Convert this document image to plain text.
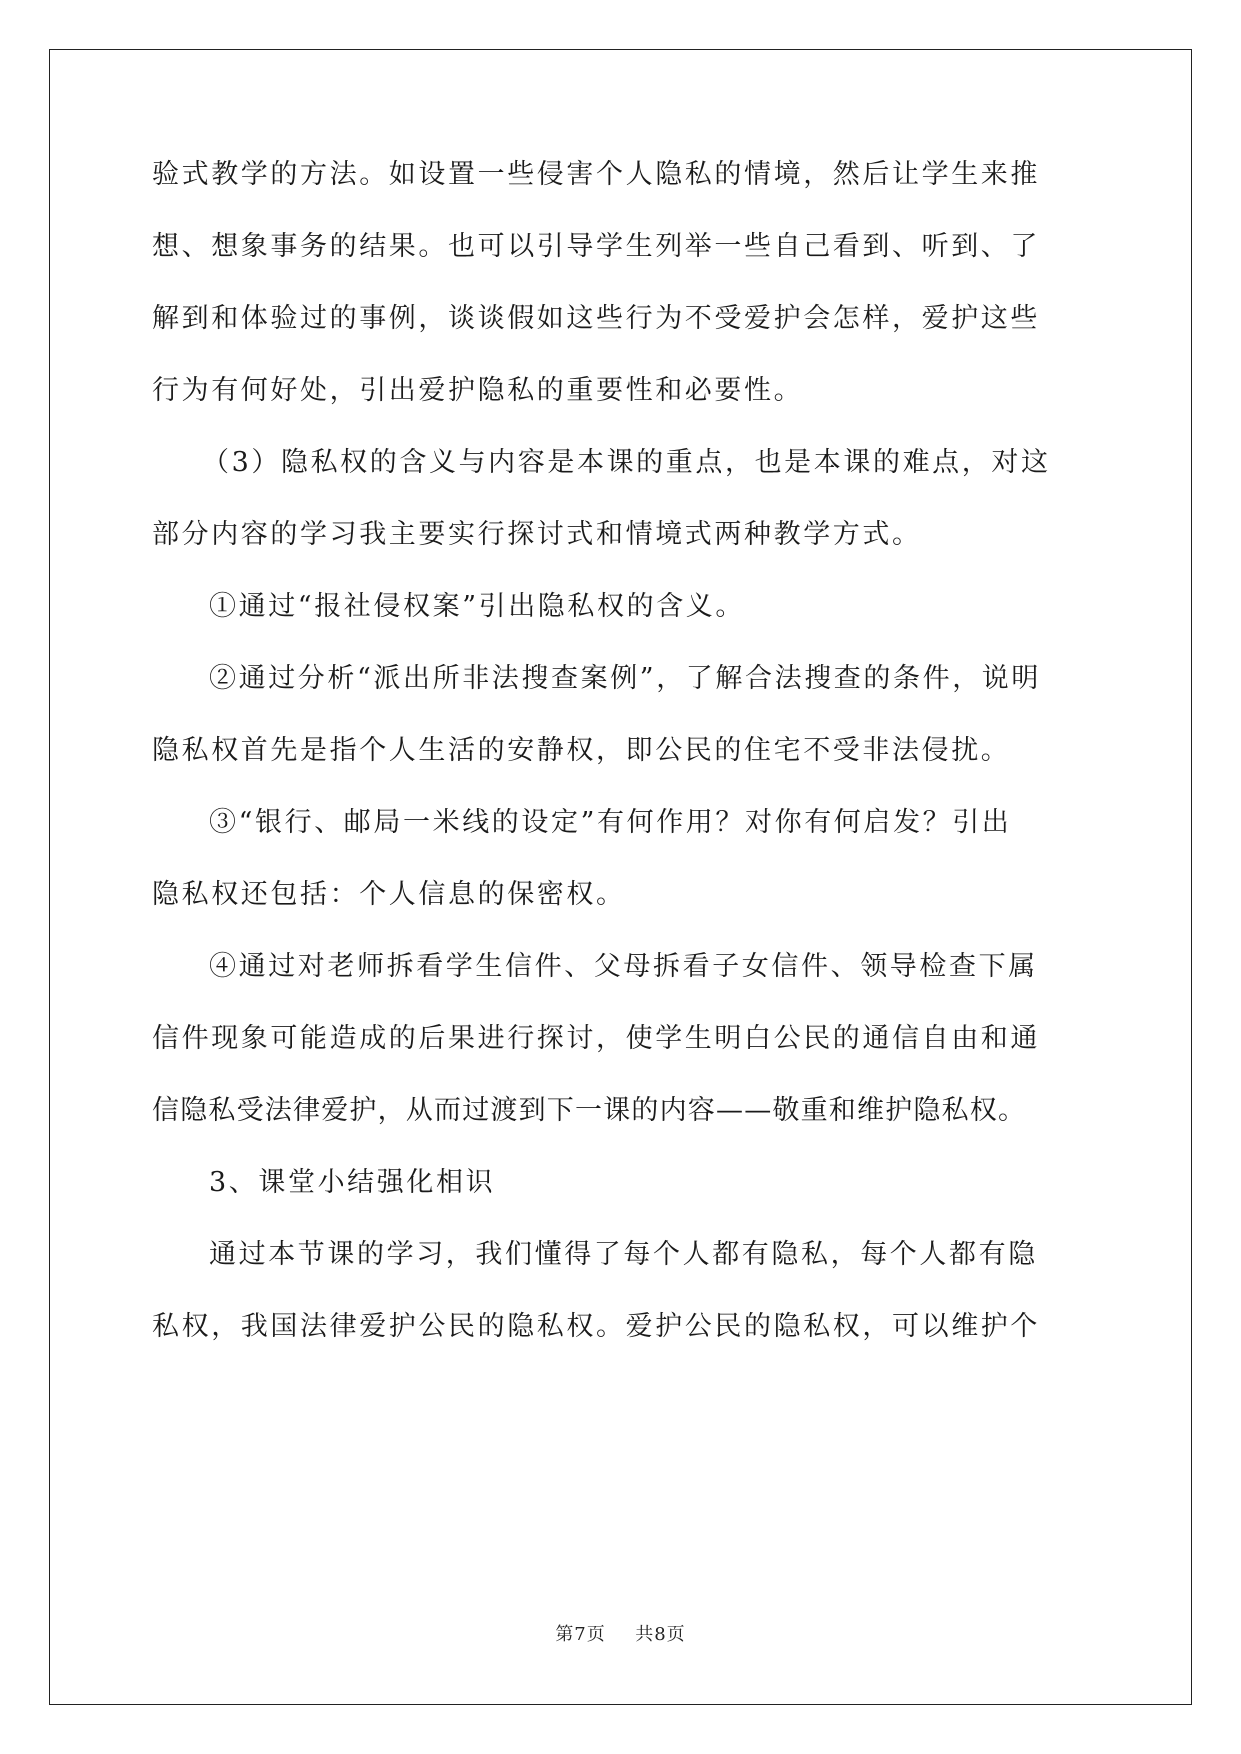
验式教学的方法。如设置一些侵害个人隐私的情境，然后让学生来推
想、想象事务的结果。也可以引导学生列举一些自己看到、听到、了
解到和体验过的事例，谈谈假如这些行为不受爱护会怎样，爱护这些
行为有何好处，引出爱护隐私的重要性和必要性。
（3）隐私权的含义与内容是本课的重点，也是本课的难点，对这
部分内容的学习我主要实行探讨式和情境式两种教学方式。
①通过“报社侵权案”引出隐私权的含义。
②通过分析“派出所非法搜查案例”，了解合法搜查的条件，说明
隐私权首先是指个人生活的安静权，即公民的住宅不受非法侵扰。
③“银行、邮局一米线的设定”有何作用？对你有何启发？引出
隐私权还包括：个人信息的保密权。
④通过对老师拆看学生信件、父母拆看子女信件、领导检查下属
信件现象可能造成的后果进行探讨，使学生明白公民的通信自由和通
信隐私受法律爱护，从而过渡到下一课的内容——敬重和维护隐私权。
3、课堂小结强化相识
通过本节课的学习，我们懂得了每个人都有隐私，每个人都有隐
私权，我国法律爱护公民的隐私权。爱护公民的隐私权，可以维护个
第7页 共8页
